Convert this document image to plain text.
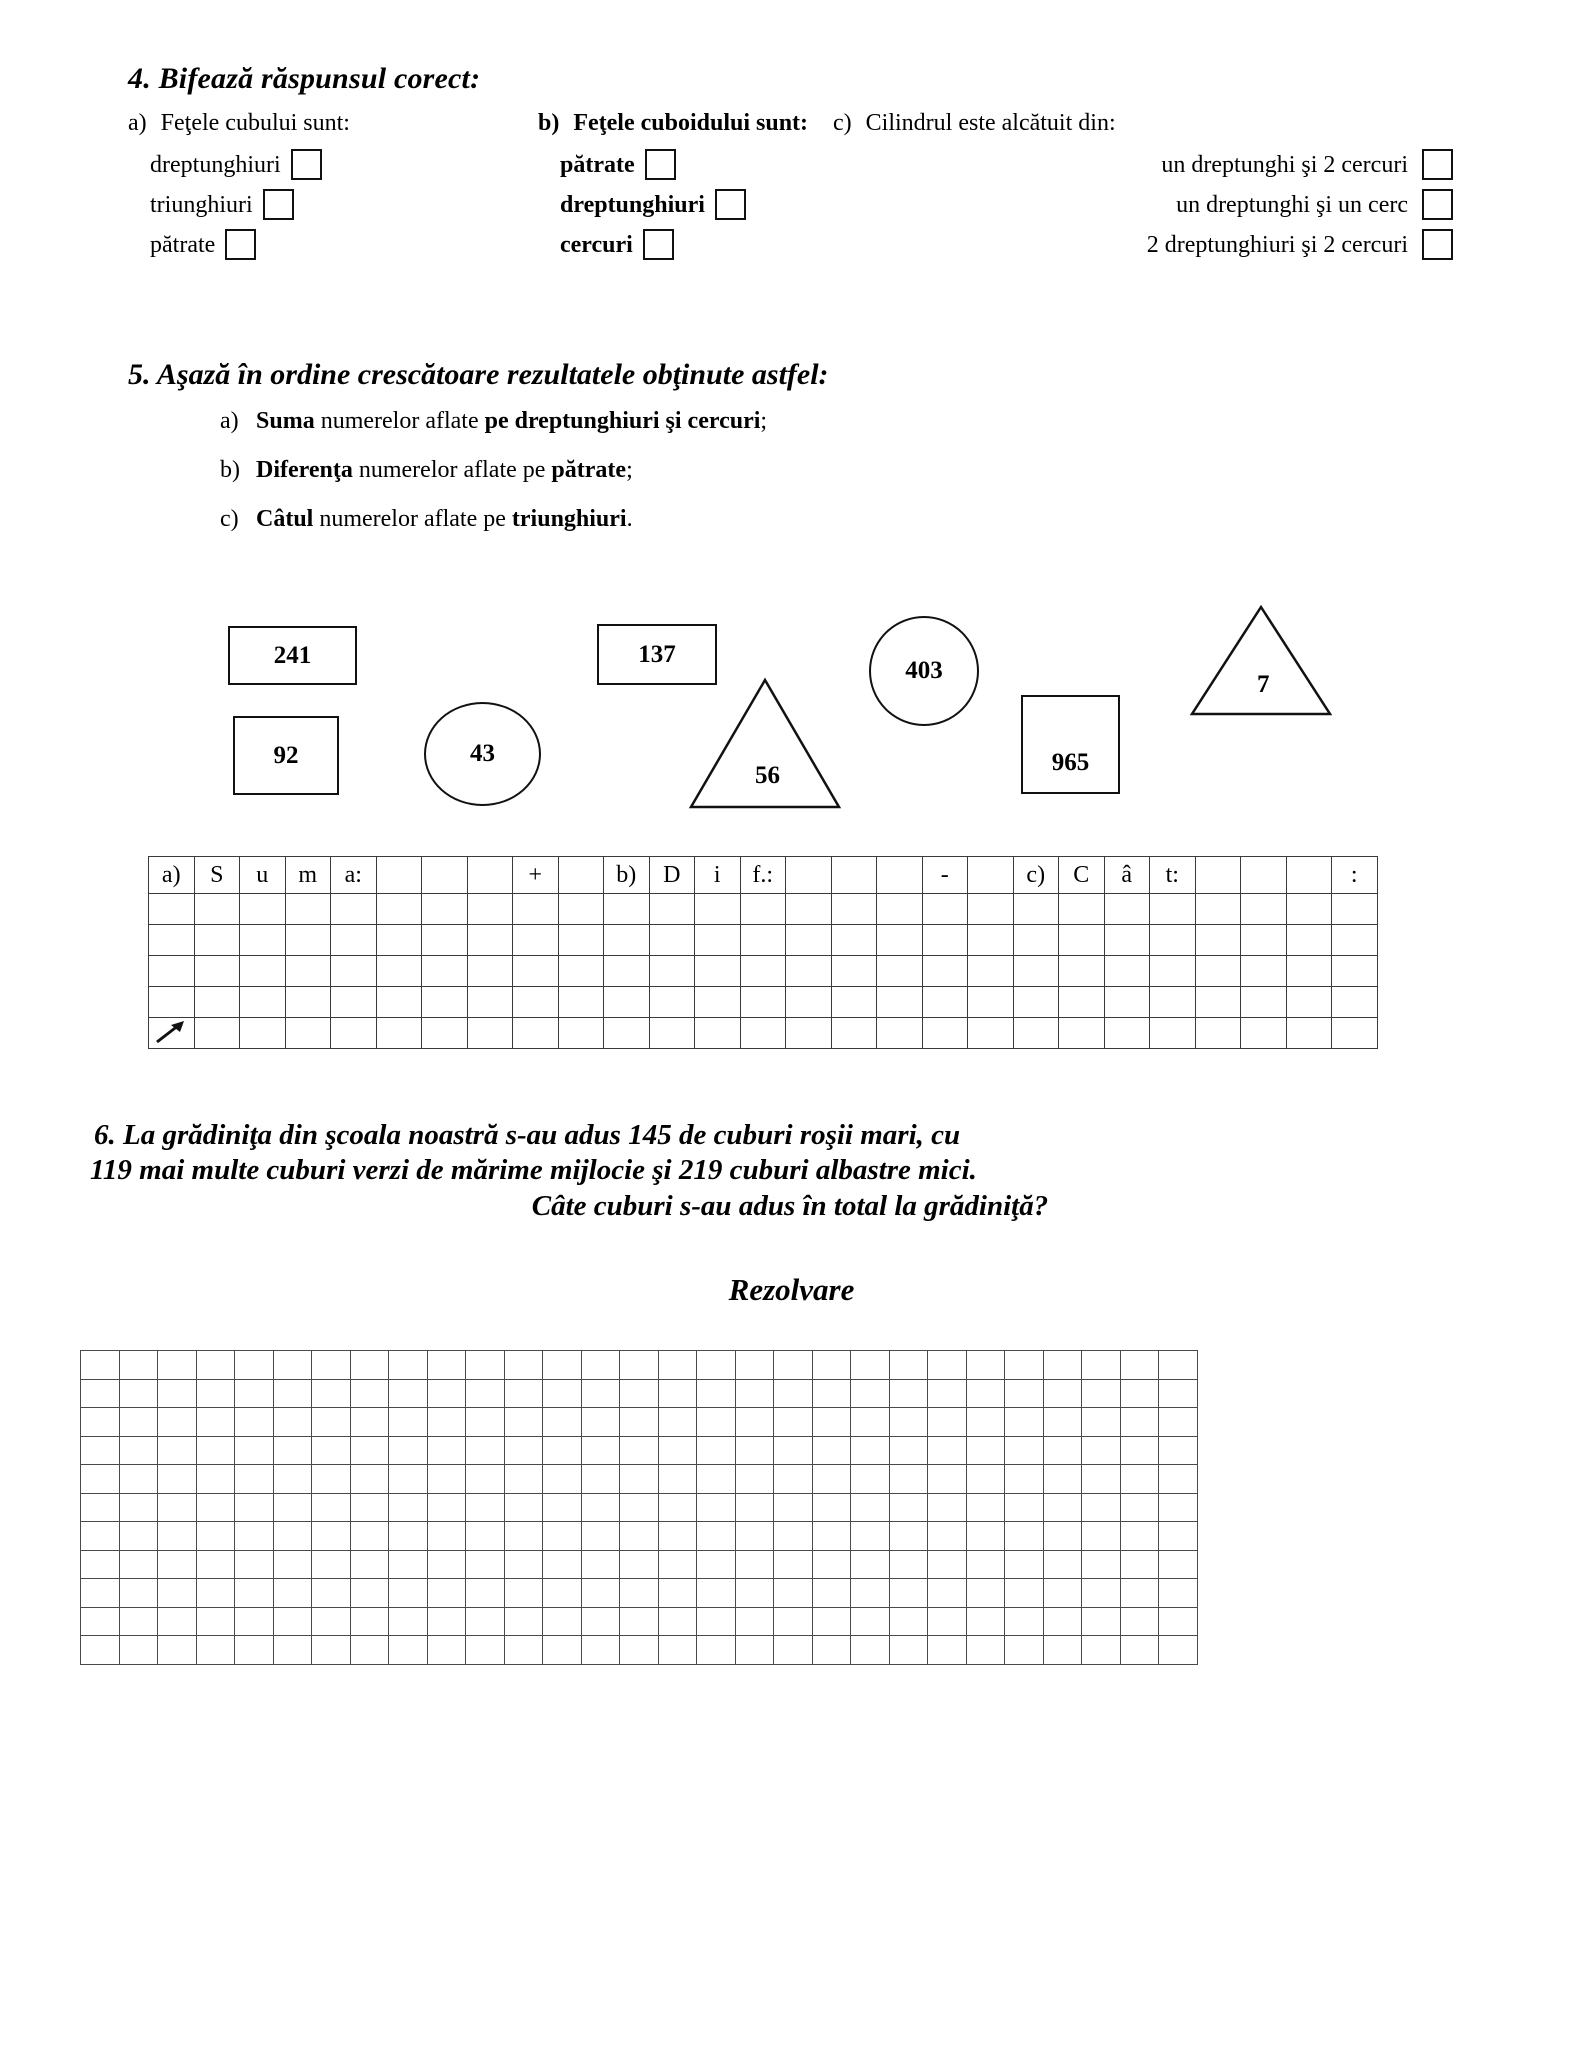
4. Bifează răspunsul corect:
a) Feţele cubului sunt:
dreptunghiuri
triunghiuri
pătrate
b) Feţele cuboidului sunt:
pătrate
dreptunghiuri
cercuri
c) Cilindrul este alcătuit din:
un dreptunghi şi 2 cercuri
un dreptunghi şi un cerc
2 dreptunghiuri şi 2 cercuri
5. Aşază în ordine crescătoare rezultatele obţinute astfel:
a) Suma numerelor aflate pe dreptunghiuri şi cercuri;
b) Diferenţa numerelor aflate pe pătrate;
c) Câtul numerelor aflate pe triunghiuri.
241
92	43
137
56
403
965
7
a)	S	u	m	a:				+		b)	D	i	f.:				-		c)	C	â	t:				:

6. La grădiniţa din şcoala noastră s-au adus 145 de cuburi roşii mari, cu
119 mai multe cuburi verzi de mărime mijlocie şi 219 cuburi albastre mici.
Câte cuburi s-au adus în total la grădiniţă?
Rezolvare
